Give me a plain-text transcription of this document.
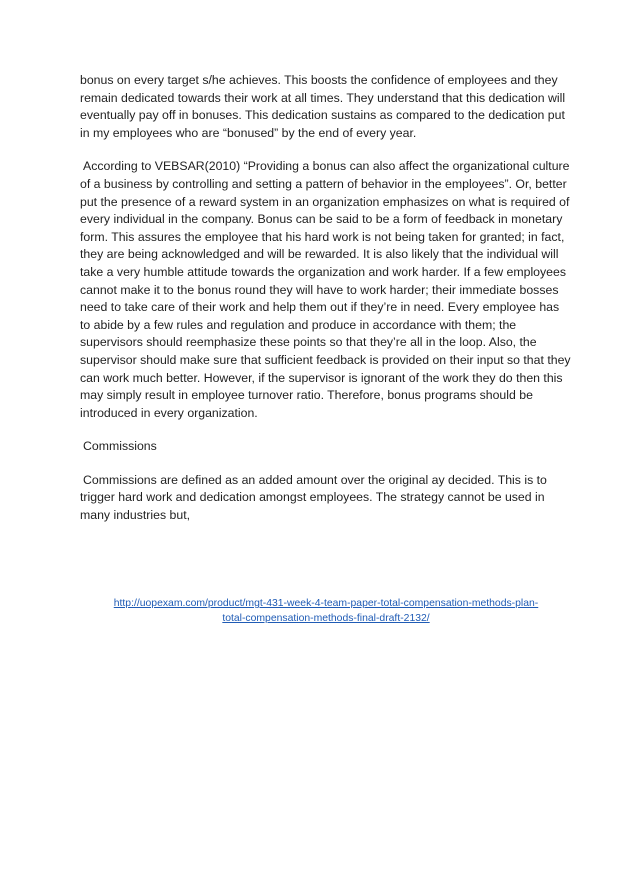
bonus on every target s/he achieves. This boosts the confidence of employees and they remain dedicated towards their work at all times. They understand that this dedication will eventually pay off in bonuses. This dedication sustains as compared to the dedication put in my employees who are “bonused” by the end of every year.

According to VEBSAR(2010) “Providing a bonus can also affect the organizational culture of a business by controlling and setting a pattern of behavior in the employees”. Or, better put the presence of a reward system in an organization emphasizes on what is required of every individual in the company. Bonus can be said to be a form of feedback in monetary form. This assures the employee that his hard work is not being taken for granted; in fact, they are being acknowledged and will be rewarded. It is also likely that the individual will take a very humble attitude towards the organization and work harder. If a few employees cannot make it to the bonus round they will have to work harder; their immediate bosses need to take care of their work and help them out if they’re in need. Every employee has to abide by a few rules and regulation and produce in accordance with them; the supervisors should reemphasize these points so that they’re all in the loop. Also, the supervisor should make sure that sufficient feedback is provided on their input so that they can work much better. However, if the supervisor is ignorant of the work they do then this may simply result in employee turnover ratio. Therefore, bonus programs should be introduced in every organization.

Commissions

Commissions are defined as an added amount over the original ay decided. This is to trigger hard work and dedication amongst employees. The strategy cannot be used in many industries but,

http://uopexam.com/product/mgt-431-week-4-team-paper-total-compensation-methods-plan-
total-compensation-methods-final-draft-2132/
